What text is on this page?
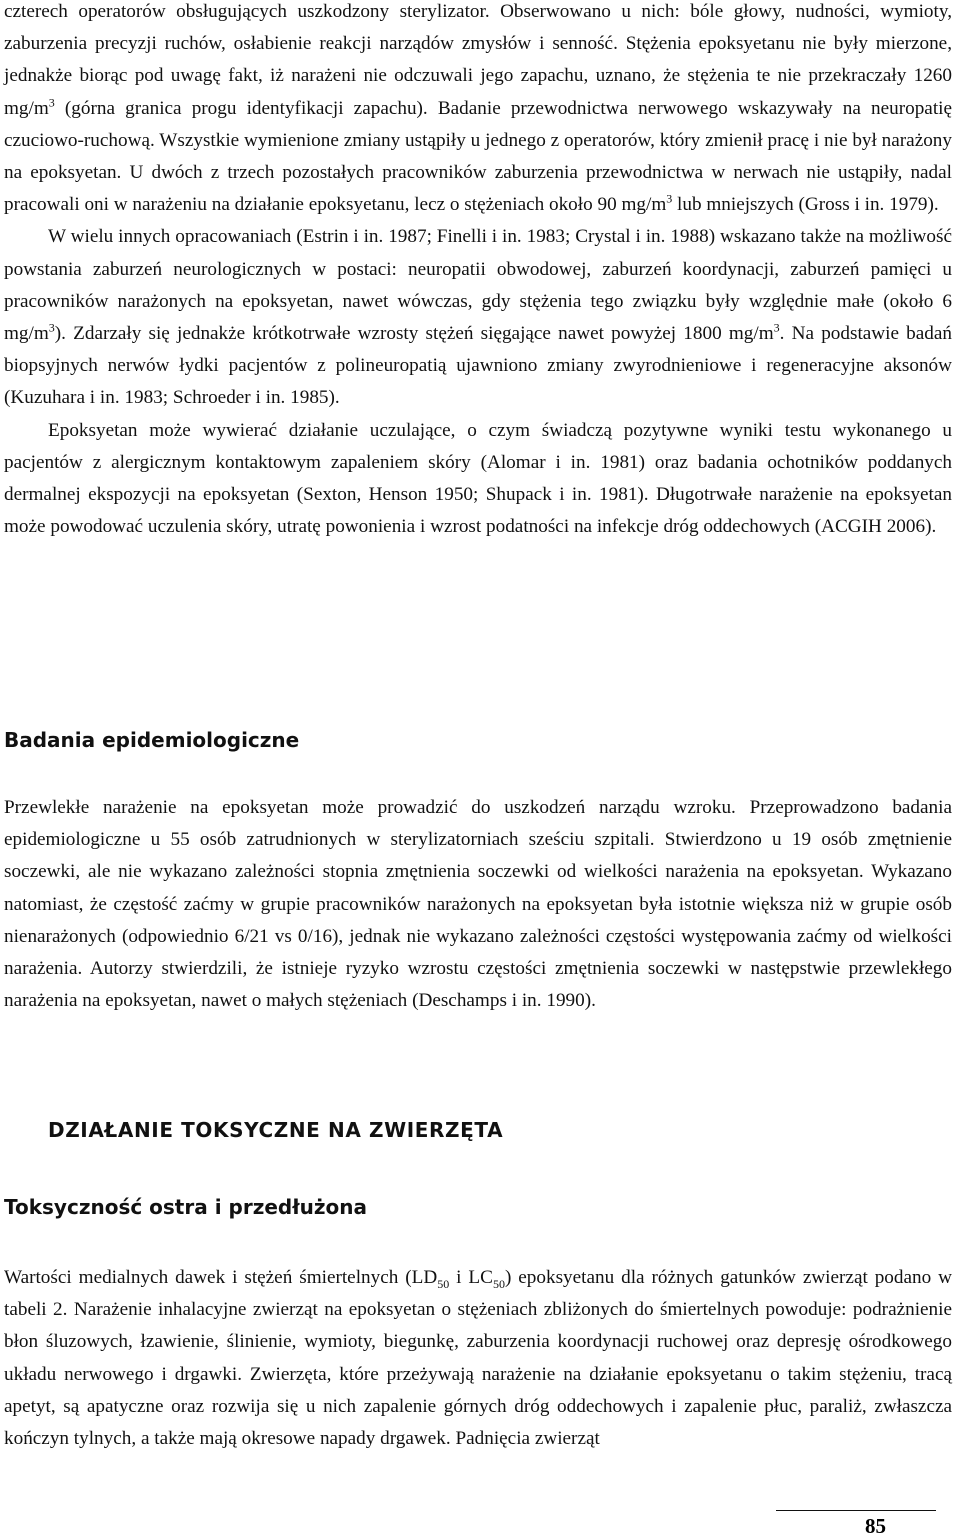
czterech operatorów obsługujących uszkodzony sterylizator. Obserwowano u nich: bóle głowy, nudności, wymioty, zaburzenia precyzji ruchów, osłabienie reakcji narządów zmysłów i senność. Stężenia epoksyetanu nie były mierzone, jednakże biorąc pod uwagę fakt, iż narażeni nie odczuwali jego zapachu, uznano, że stężenia te nie przekraczały 1260 $mg/m^3$ (górna granica progu identyfikacji zapachu). Badanie przewodnictwa nerwowego wskazywały na neuropatię czuciowo-ruchową. Wszystkie wymienione zmiany ustąpiły u jednego z operatorów, który zmienił pracę i nie był narażony na epoksyetan. U dwóch z trzech pozostałych pracowników zaburzenia przewodnictwa w nerwach nie ustąpiły, nadal pracowali oni w narażeniu na działanie epoksyetanu, lecz o stężeniach około 90 $mg/m^3$ lub mniejszych (Gross i in. 1979).

W wielu innych opracowaniach (Estrin i in. 1987; Finelli i in. 1983; Crystal i in. 1988) wskazano także na możliwość powstania zaburzeń neurologicznych w postaci: neuropatii obwodowej, zaburzeń koordynacji, zaburzeń pamięci u pracowników narażonych na epoksyetan, nawet wówczas, gdy stężenia tego związku były względnie małe (około 6 $mg/m^3$). Zdarzały się jednakże krótkotrwałe wzrosty stężeń sięgające nawet powyżej 1800 $mg/m^3$. Na podstawie badań biopsyjnych nerwów łydki pacjentów z polineuropatią ujawniono zmiany zwyrodnieniowe i regeneracyjne aksonów (Kuzuhara i in. 1983; Schroeder i in. 1985).

Epoksyetan może wywierać działanie uczulające, o czym świadczą pozytywne wyniki testu wykonanego u pacjentów z alergicznym kontaktowym zapaleniem skóry (Alomar i in. 1981) oraz badania ochotników poddanych dermalnej ekspozycji na epoksyetan (Sexton, Henson 1950; Shupack i in. 1981). Długotrwałe narażenie na epoksyetan może powodować uczulenia skóry, utratę powonienia i wzrost podatności na infekcje dróg oddechowych (ACGIH 2006).

Badania epidemiologiczne

Przewlekłe narażenie na epoksyetan może prowadzić do uszkodzeń narządu wzroku. Przeprowadzono badania epidemiologiczne u 55 osób zatrudnionych w sterylizatorniach sześciu szpitali. Stwierdzono u 19 osób zmętnienie soczewki, ale nie wykazano zależności stopnia zmętnienia soczewki od wielkości narażenia na epoksyetan. Wykazano natomiast, że częstość zaćmy w grupie pracowników narażonych na epoksyetan była istotnie większa niż w grupie osób nienarażonych (odpowiednio 6/21 vs 0/16), jednak nie wykazano zależności częstości występowania zaćmy od wielkości narażenia. Autorzy stwierdzili, że istnieje ryzyko wzrostu częstości zmętnienia soczewki w następstwie przewlekłego narażenia na epoksyetan, nawet o małych stężeniach (Deschamps i in. 1990).

DZIAŁANIE TOKSYCZNE NA ZWIERZĘTA
Toksyczność ostra i przedłużona

Wartości medialnych dawek i stężeń śmiertelnych ($LD_{50}$ i $LC_{50}$) epoksyetanu dla różnych gatunków zwierząt podano w tabeli 2. Narażenie inhalacyjne zwierząt na epoksyetan o stężeniach zbliżonych do śmiertelnych powoduje: podrażnienie błon śluzowych, łzawienie, ślinienie, wymioty, biegunkę, zaburzenia koordynacji ruchowej oraz depresję ośrodkowego układu nerwowego i drgawki. Zwierzęta, które przeżywają narażenie na działanie epoksyetanu o takim stężeniu, tracą apetyt, są apatyczne oraz rozwija się u nich zapalenie górnych dróg oddechowych i zapalenie płuc, paraliż, zwłaszcza kończyn tylnych, a także mają okresowe napady drgawek. Padnięcia zwierząt

85
